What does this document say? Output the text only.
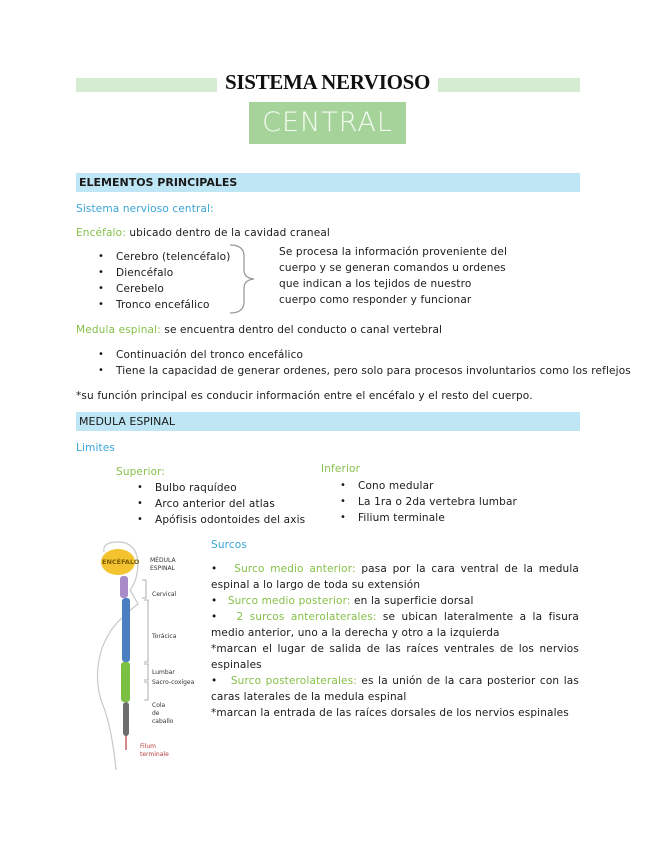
SISTEMA NERVIOSO
CENTRAL
ELEMENTOS PRINCIPALES
Sistema nervioso central:
Encéfalo: ubicado dentro de la cavidad craneal
• Cerebro (telencéfalo)
• Diencéfalo
• Cerebelo
• Tronco encefálico
Se procesa la información proveniente del
cuerpo y se generan comandos u ordenes
que indican a los tejidos de nuestro
cuerpo como responder y funcionar
Medula espinal: se encuentra dentro del conducto o canal vertebral
• Continuación del tronco encefálico
• Tiene la capacidad de generar ordenes, pero solo para procesos involuntarios como los reflejos
*su función principal es conducir información entre el encéfalo y el resto del cuerpo.
MEDULA ESPINAL
Limites
Superior:
• Bulbo raquídeo
• Arco anterior del atlas
• Apófisis odontoides del axis
Inferior
• Cono medular
• La 1ra o 2da vertebra lumbar
• Filium terminale
Surcos
•   Surco medio anterior: pasa por la cara ventral de la medula espinal a lo largo de toda su extensión
•   Surco medio posterior: en la superficie dorsal
•   2 surcos anterolaterales: se ubican lateralmente a la fisura medio anterior, uno a la derecha y otro a la izquierda
*marcan el lugar de salida de las raíces ventrales de los nervios espinales
•   Surco posterolaterales: es la unión de la cara posterior con las caras laterales de la medula espinal
*marcan la entrada de las raíces dorsales de los nervios espinales
ENCÉFALO MÉDULA
ESPINAL
Cervical
Torácica
Lumbar
Sacro-coxígea
Cola
de
caballo
Filum
terminale
